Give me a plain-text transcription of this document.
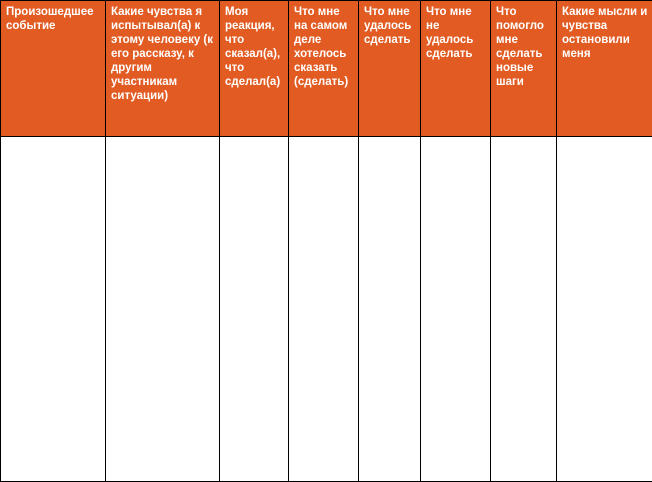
Произошедшее событие	Какие чувства я испытывал(а) к этому человеку (к его рассказу, к другим участникам ситуации)	Моя реакция, что сказал(а), что сделал(а)	Что мне на самом деле хотелось сказать (сделать)	Что мне удалось сделать	Что мне не удалось сделать	Что помогло мне сделать новые шаги	Какие мысли и чувства остановили меня
